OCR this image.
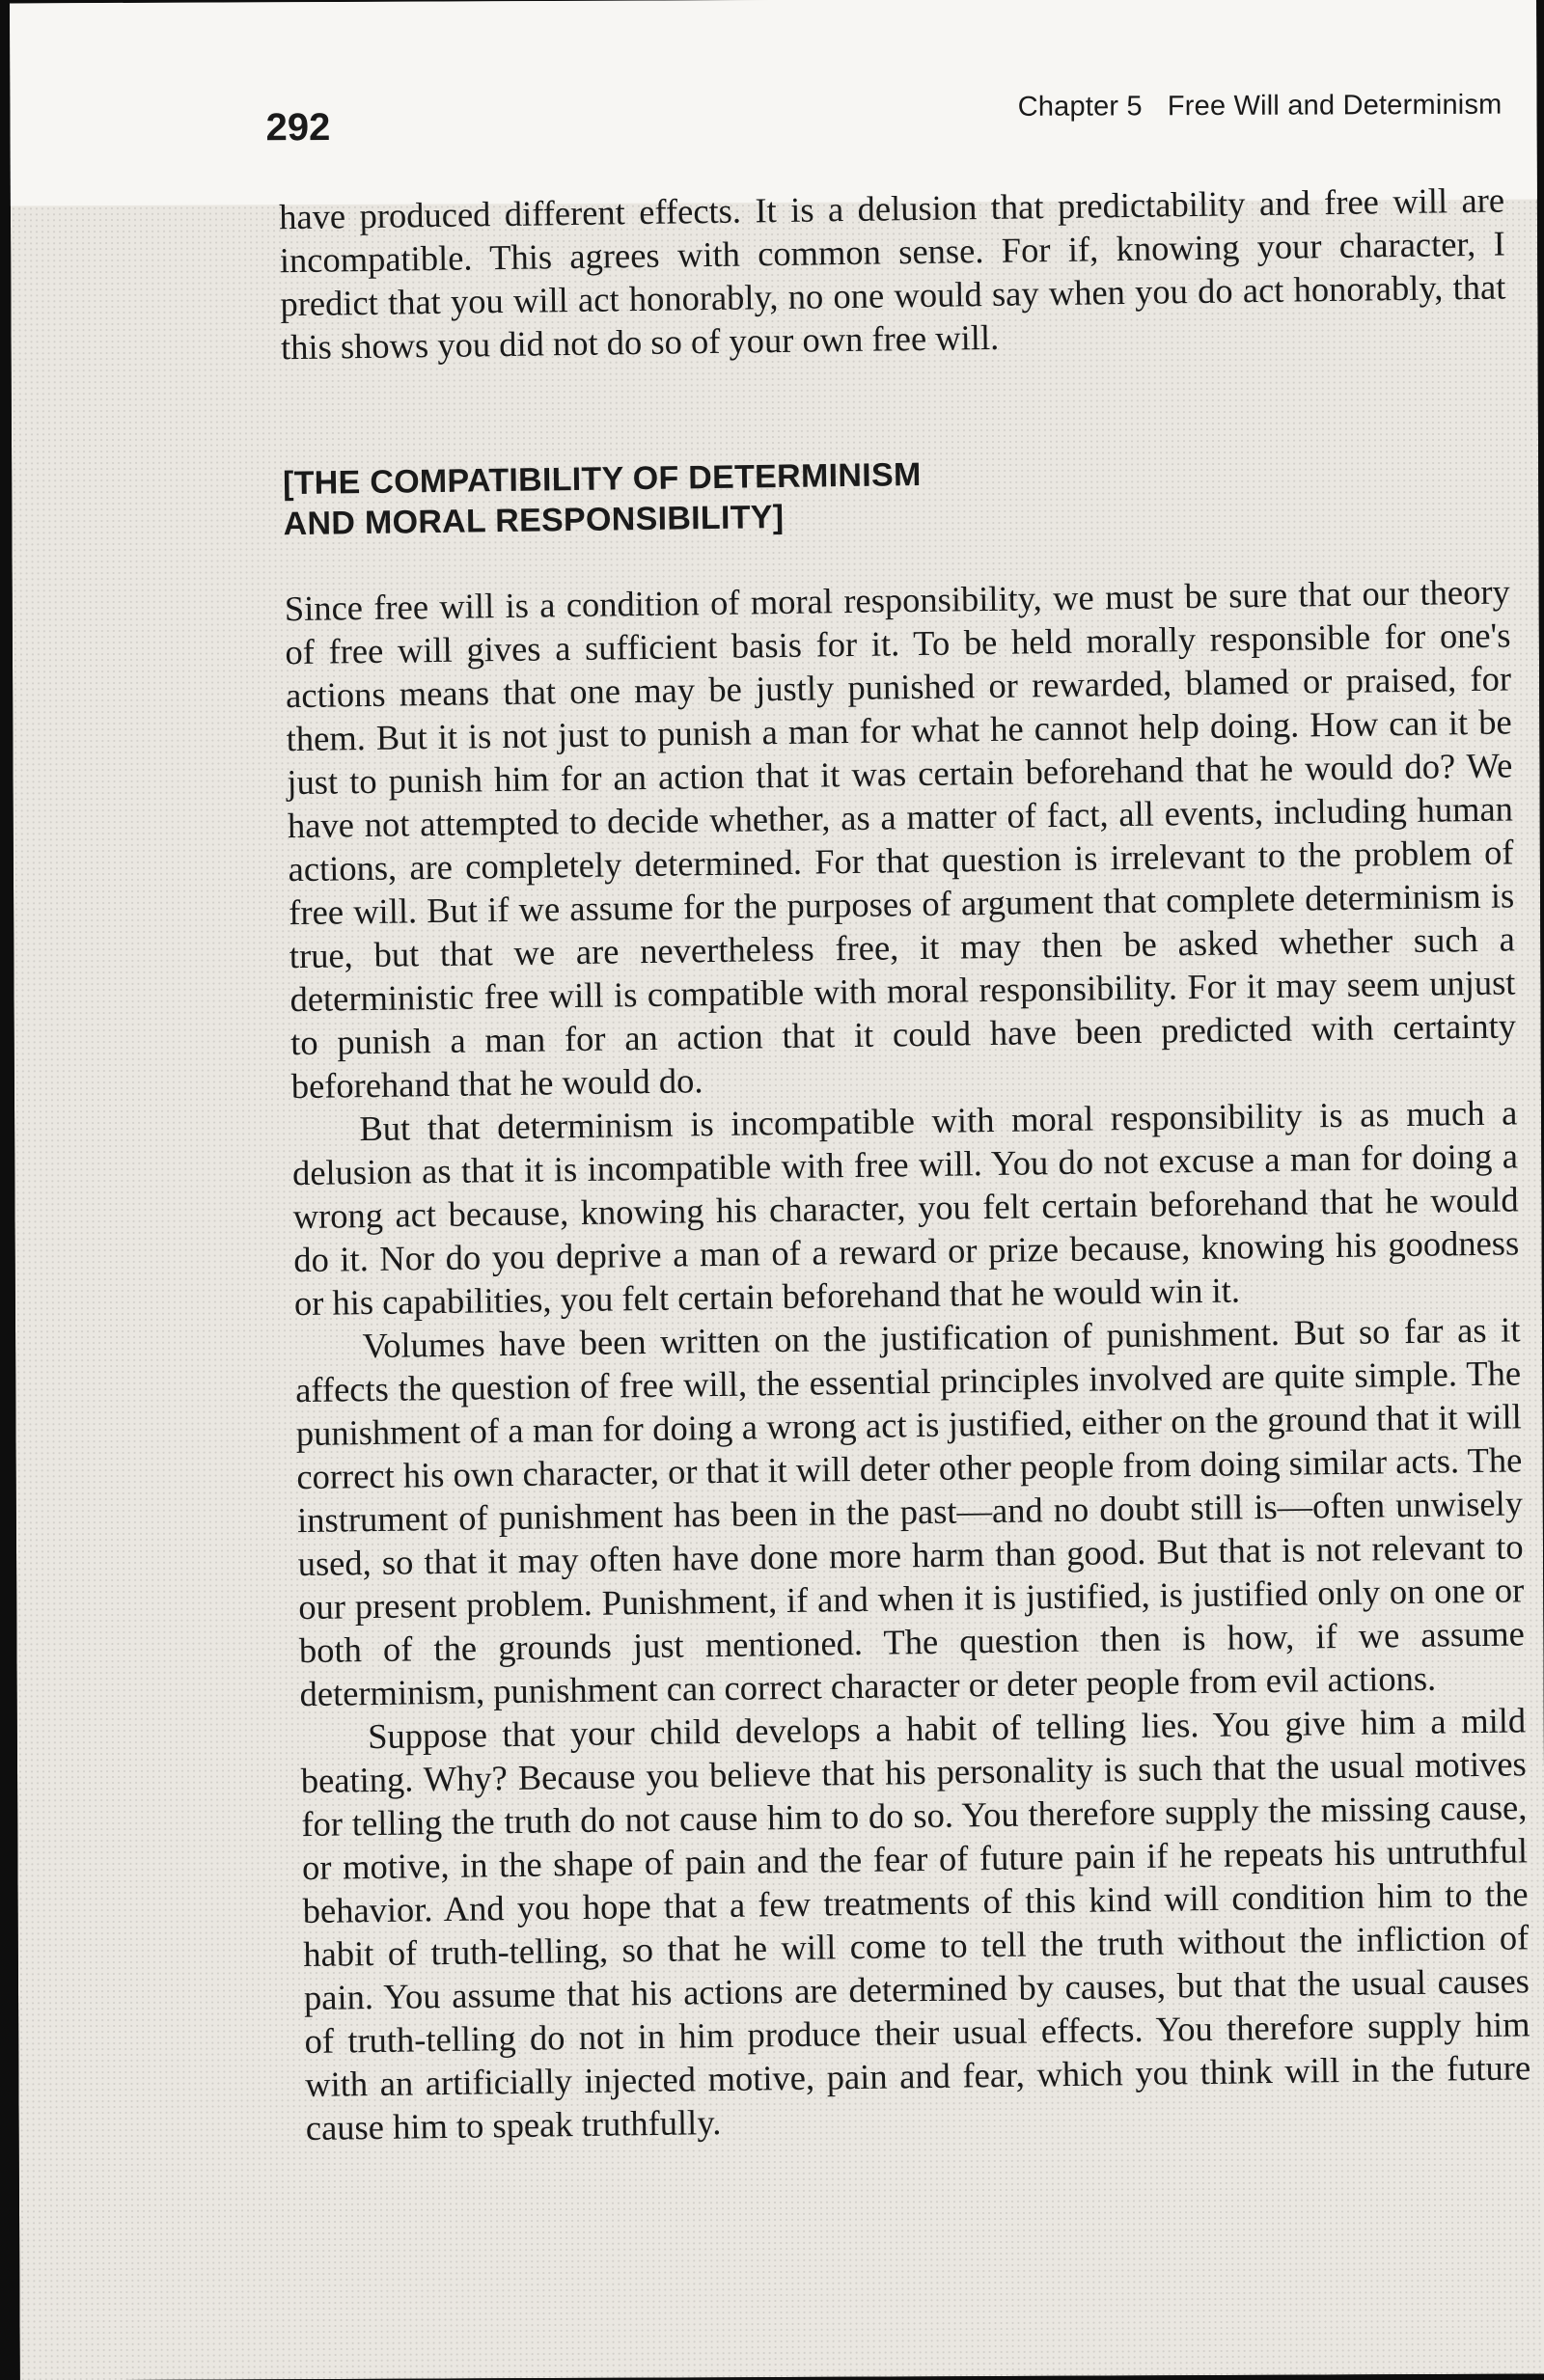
292	Chapter 5 Free Will and Determinism

have produced different effects. It is a delusion that predictability and free will are incompatible. This agrees with common sense. For if, knowing your character, I predict that you will act honorably, no one would say when you do act honorably, that this shows you did not do so of your own free will.

[THE COMPATIBILITY OF DETERMINISM
AND MORAL RESPONSIBILITY]

Since free will is a condition of moral responsibility, we must be sure that our theory of free will gives a sufficient basis for it. To be held morally responsible for one's actions means that one may be justly punished or rewarded, blamed or praised, for them. But it is not just to punish a man for what he cannot help doing. How can it be just to punish him for an action that it was certain beforehand that he would do? We have not attempted to decide whether, as a matter of fact, all events, including human actions, are completely determined. For that question is irrelevant to the problem of free will. But if we assume for the purposes of argument that complete determinism is true, but that we are nevertheless free, it may then be asked whether such a deterministic free will is compatible with moral responsibility. For it may seem unjust to punish a man for an action that it could have been predicted with certainty beforehand that he would do.

But that determinism is incompatible with moral responsibility is as much a delusion as that it is incompatible with free will. You do not excuse a man for doing a wrong act because, knowing his character, you felt certain beforehand that he would do it. Nor do you deprive a man of a reward or prize because, knowing his goodness or his capabilities, you felt certain beforehand that he would win it.

Volumes have been written on the justification of punishment. But so far as it affects the question of free will, the essential principles involved are quite simple. The punishment of a man for doing a wrong act is justified, either on the ground that it will correct his own character, or that it will deter other people from doing similar acts. The instrument of punishment has been in the past—and no doubt still is—often unwisely used, so that it may often have done more harm than good. But that is not relevant to our present problem. Punishment, if and when it is justified, is justified only on one or both of the grounds just mentioned. The question then is how, if we assume determinism, punishment can correct character or deter people from evil actions.

Suppose that your child develops a habit of telling lies. You give him a mild beating. Why? Because you believe that his personality is such that the usual motives for telling the truth do not cause him to do so. You therefore supply the missing cause, or motive, in the shape of pain and the fear of future pain if he repeats his untruthful behavior. And you hope that a few treatments of this kind will condition him to the habit of truth-telling, so that he will come to tell the truth without the infliction of pain. You assume that his actions are determined by causes, but that the usual causes of truth-telling do not in him produce their usual effects. You therefore supply him with an artificially injected motive, pain and fear, which you think will in the future cause him to speak truthfully.
